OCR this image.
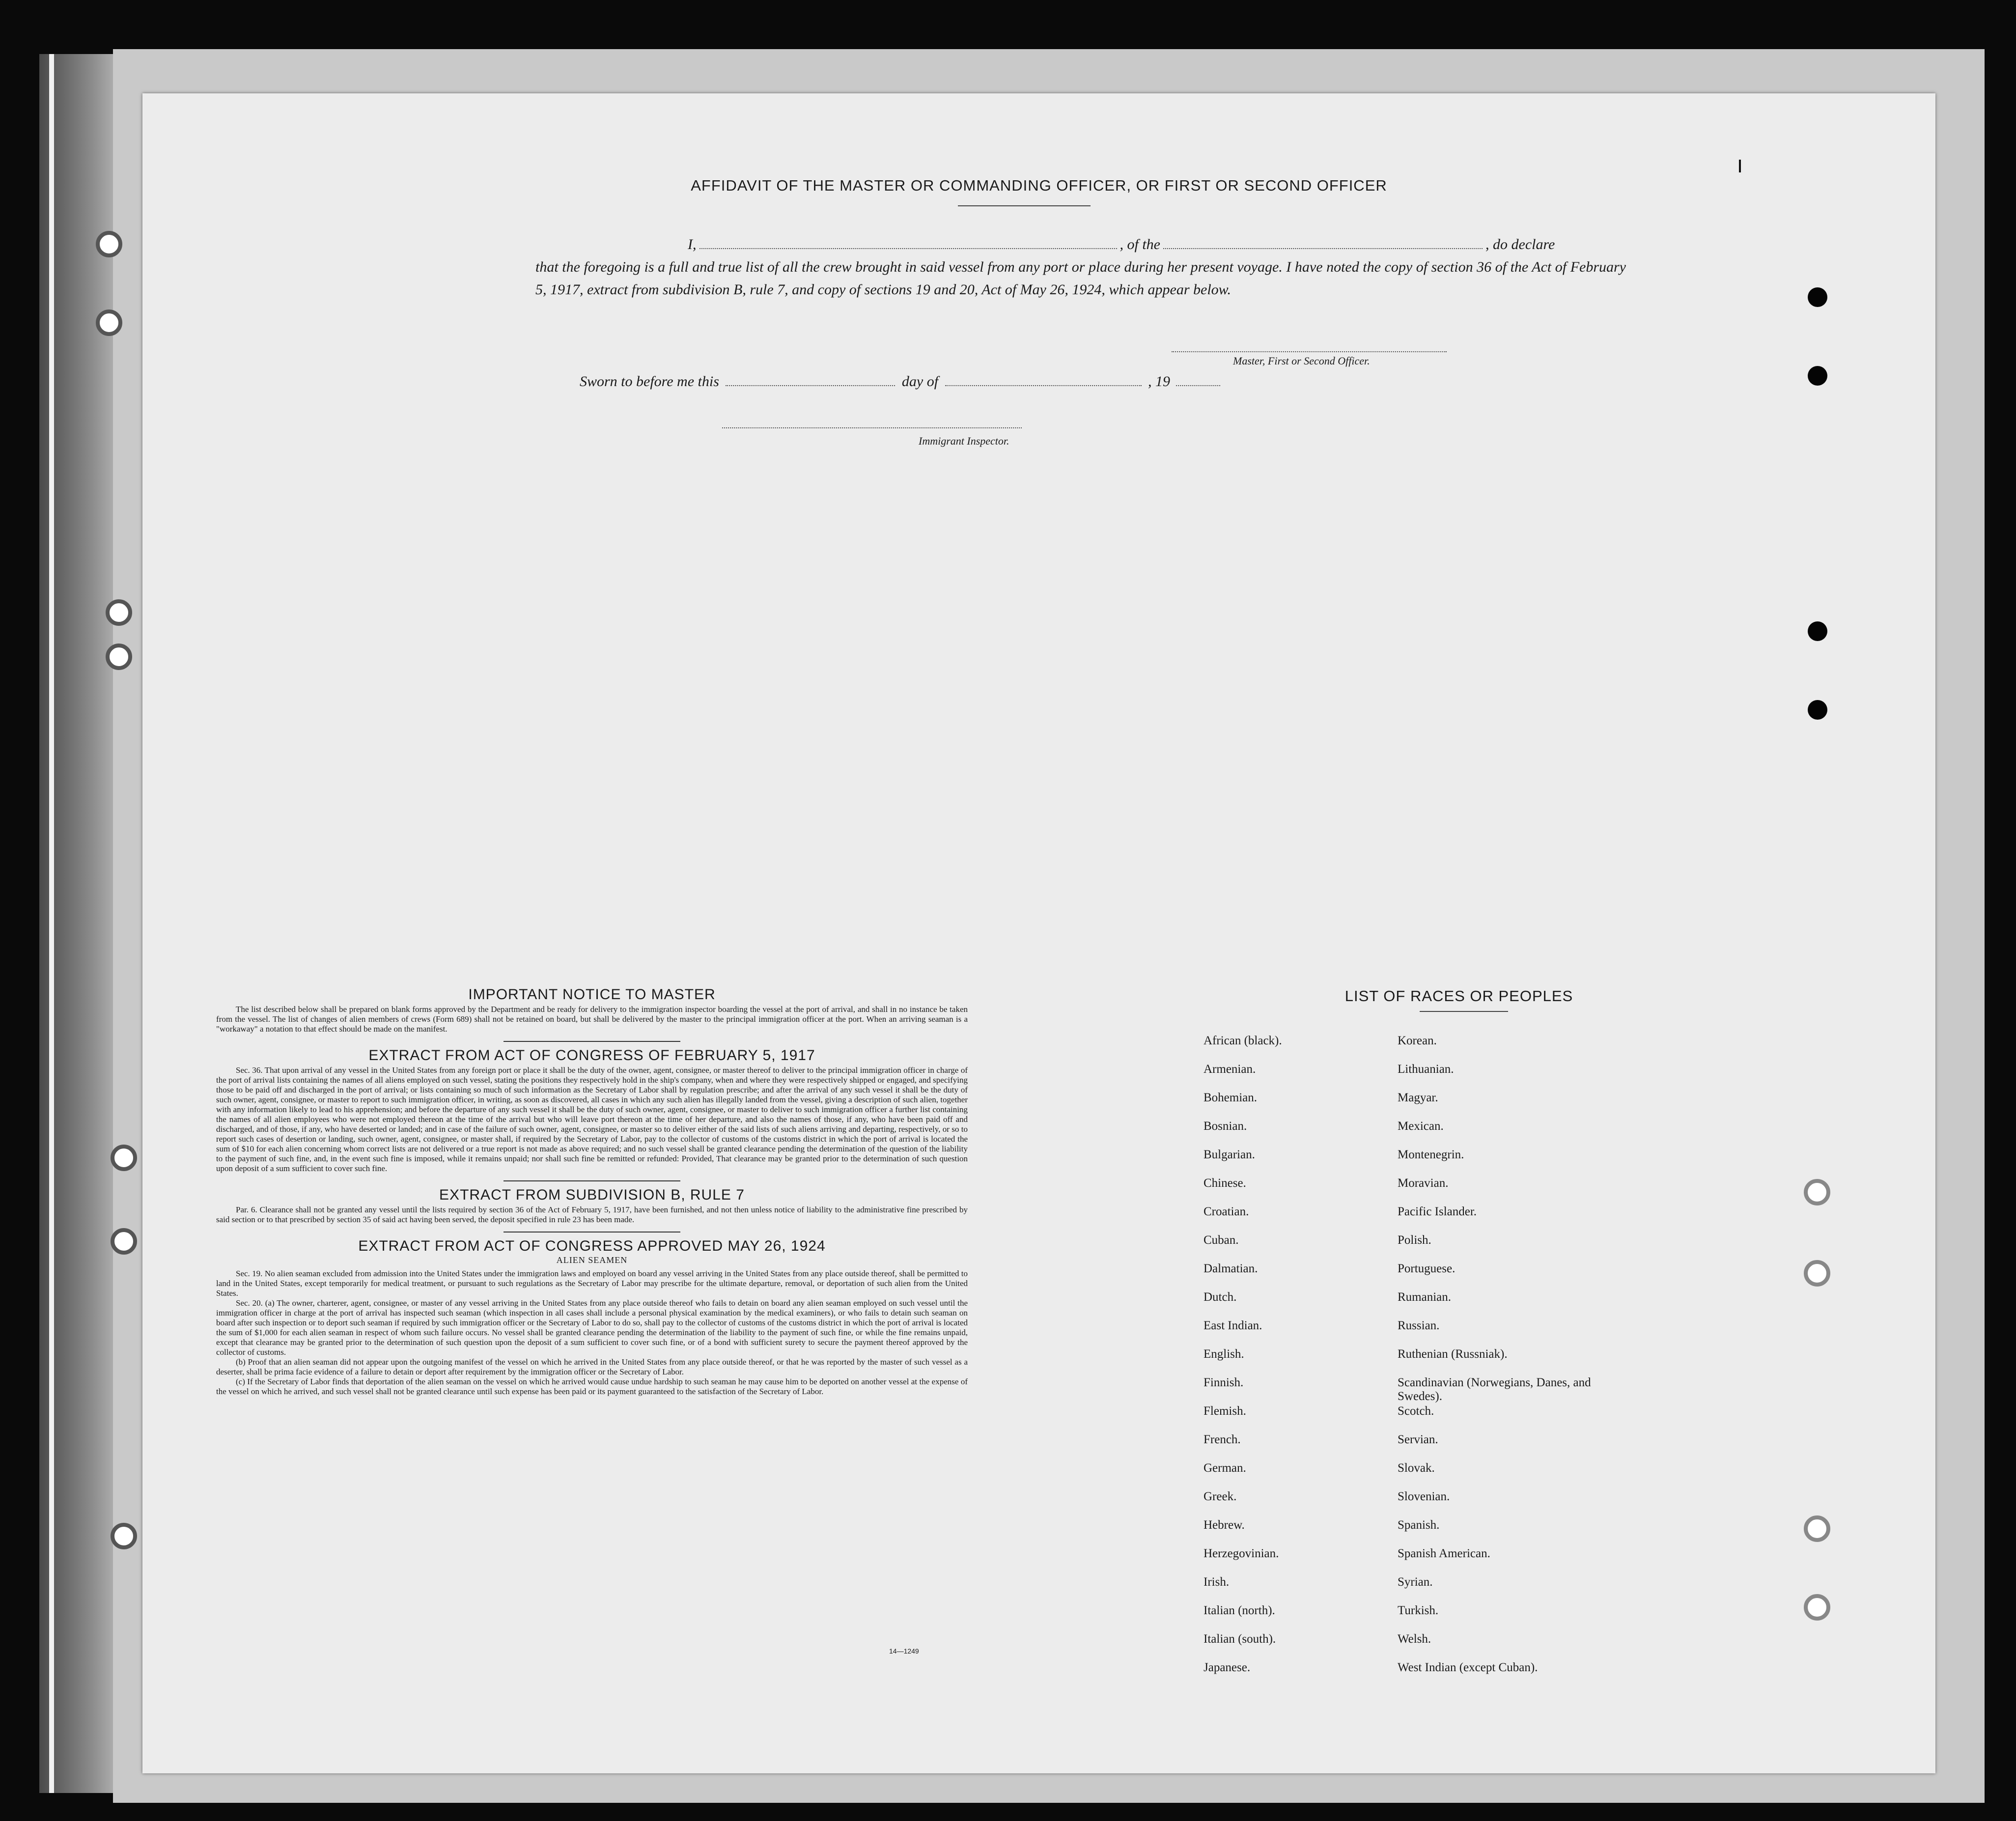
AFFIDAVIT OF THE MASTER OR COMMANDING OFFICER, OR FIRST OR SECOND OFFICER
I,	, of the	, do declare
that the foregoing is a full and true list of all the crew brought in said vessel from any port or place during her present voyage. I have noted the copy of section 36 of the Act of February 5, 1917, extract from subdivision B, rule 7, and copy of sections 19 and 20, Act of May 26, 1924, which appear below.
Master, First or Second Officer.
Sworn to before me this	day of	, 19
Immigrant Inspector.
IMPORTANT NOTICE TO MASTER

The list described below shall be prepared on blank forms approved by the Department and be ready for delivery to the immigration inspector boarding the vessel at the port of arrival, and shall in no instance be taken from the vessel. The list of changes of alien members of crews (Form 689) shall not be retained on board, but shall be delivered by the master to the principal immigration officer at the port. When an arriving seaman is a "workaway" a notation to that effect should be made on the manifest.

EXTRACT FROM ACT OF CONGRESS OF FEBRUARY 5, 1917

Sec. 36. That upon arrival of any vessel in the United States from any foreign port or place it shall be the duty of the owner, agent, consignee, or master thereof to deliver to the principal immigration officer in charge of the port of arrival lists containing the names of all aliens employed on such vessel, stating the positions they respectively hold in the ship's company, when and where they were respectively shipped or engaged, and specifying those to be paid off and discharged in the port of arrival; or lists containing so much of such information as the Secretary of Labor shall by regulation prescribe; and after the arrival of any such vessel it shall be the duty of such owner, agent, consignee, or master to report to such immigration officer, in writing, as soon as discovered, all cases in which any such alien has illegally landed from the vessel, giving a description of such alien, together with any information likely to lead to his apprehension; and before the departure of any such vessel it shall be the duty of such owner, agent, consignee, or master to deliver to such immigration officer a further list containing the names of all alien employees who were not employed thereon at the time of the arrival but who will leave port thereon at the time of her departure, and also the names of those, if any, who have been paid off and discharged, and of those, if any, who have deserted or landed; and in case of the failure of such owner, agent, consignee, or master so to deliver either of the said lists of such aliens arriving and departing, respectively, or so to report such cases of desertion or landing, such owner, agent, consignee, or master shall, if required by the Secretary of Labor, pay to the collector of customs of the customs district in which the port of arrival is located the sum of $10 for each alien concerning whom correct lists are not delivered or a true report is not made as above required; and no such vessel shall be granted clearance pending the determination of the question of the liability to the payment of such fine, and, in the event such fine is imposed, while it remains unpaid; nor shall such fine be remitted or refunded: Provided, That clearance may be granted prior to the determination of such question upon deposit of a sum sufficient to cover such fine.

EXTRACT FROM SUBDIVISION B, RULE 7

Par. 6. Clearance shall not be granted any vessel until the lists required by section 36 of the Act of February 5, 1917, have been furnished, and not then unless notice of liability to the administrative fine prescribed by said section or to that prescribed by section 35 of said act having been served, the deposit specified in rule 23 has been made.

EXTRACT FROM ACT OF CONGRESS APPROVED MAY 26, 1924
ALIEN SEAMEN

Sec. 19. No alien seaman excluded from admission into the United States under the immigration laws and employed on board any vessel arriving in the United States from any place outside thereof, shall be permitted to land in the United States, except temporarily for medical treatment, or pursuant to such regulations as the Secretary of Labor may prescribe for the ultimate departure, removal, or deportation of such alien from the United States.

Sec. 20. (a) The owner, charterer, agent, consignee, or master of any vessel arriving in the United States from any place outside thereof who fails to detain on board any alien seaman employed on such vessel until the immigration officer in charge at the port of arrival has inspected such seaman (which inspection in all cases shall include a personal physical examination by the medical examiners), or who fails to detain such seaman on board after such inspection or to deport such seaman if required by such immigration officer or the Secretary of Labor to do so, shall pay to the collector of customs of the customs district in which the port of arrival is located the sum of $1,000 for each alien seaman in respect of whom such failure occurs. No vessel shall be granted clearance pending the determination of the liability to the payment of such fine, or while the fine remains unpaid, except that clearance may be granted prior to the determination of such question upon the deposit of a sum sufficient to cover such fine, or of a bond with sufficient surety to secure the payment thereof approved by the collector of customs.

(b) Proof that an alien seaman did not appear upon the outgoing manifest of the vessel on which he arrived in the United States from any place outside thereof, or that he was reported by the master of such vessel as a deserter, shall be prima facie evidence of a failure to detain or deport after requirement by the immigration officer or the Secretary of Labor.

(c) If the Secretary of Labor finds that deportation of the alien seaman on the vessel on which he arrived would cause undue hardship to such seaman he may cause him to be deported on another vessel at the expense of the vessel on which he arrived, and such vessel shall not be granted clearance until such expense has been paid or its payment guaranteed to the satisfaction of the Secretary of Labor.

14—1249
LIST OF RACES OR PEOPLES
African (black).
Armenian.
Bohemian.
Bosnian.
Bulgarian.
Chinese.
Croatian.
Cuban.
Dalmatian.
Dutch.
East Indian.
English.
Finnish.
Flemish.
French.
German.
Greek.
Hebrew.
Herzegovinian.
Irish.
Italian (north).
Italian (south).
Japanese.
Korean.
Lithuanian.
Magyar.
Mexican.
Montenegrin.
Moravian.
Pacific Islander.
Polish.
Portuguese.
Rumanian.
Russian.
Ruthenian (Russniak).
Scandinavian (Norwegians, Danes, and Swedes).
Scotch.
Servian.
Slovak.
Slovenian.
Spanish.
Spanish American.
Syrian.
Turkish.
Welsh.
West Indian (except Cuban).
